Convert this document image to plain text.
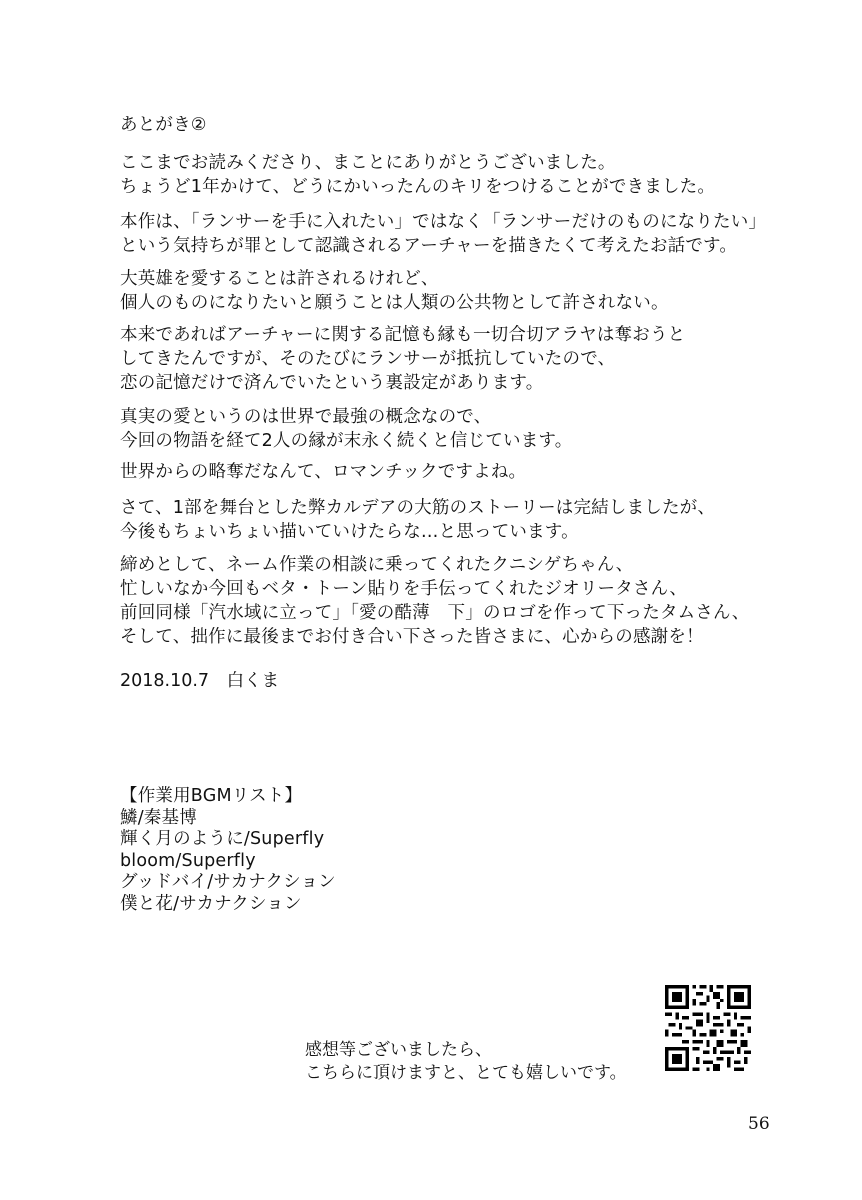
あとがき②
ここまでお読みくださり、まことにありがとうございました。
ちょうど1年かけて、どうにかいったんのキリをつけることができました。
本作は、「ランサーを手に入れたい」ではなく「ランサーだけのものになりたい」
という気持ちが罪として認識されるアーチャーを描きたくて考えたお話です。
大英雄を愛することは許されるけれど、
個人のものになりたいと願うことは人類の公共物として許されない。
本来であればアーチャーに関する記憶も縁も一切合切アラヤは奪おうと
してきたんですが、そのたびにランサーが抵抗していたので、
恋の記憶だけで済んでいたという裏設定があります。
真実の愛というのは世界で最強の概念なので、
今回の物語を経て2人の縁が末永く続くと信じています。
世界からの略奪だなんて、ロマンチックですよね。
さて、1部を舞台とした弊カルデアの大筋のストーリーは完結しましたが、
今後もちょいちょい描いていけたらな…と思っています。
締めとして、ネーム作業の相談に乗ってくれたクニシゲちゃん、
忙しいなか今回もベタ・トーン貼りを手伝ってくれたジオリータさん、
前回同様「汽水域に立って」「愛の酷薄　下」のロゴを作って下ったタムさん、
そして、拙作に最後までお付き合い下さった皆さまに、心からの感謝を！
2018.10.7　白くま
【作業用BGMリスト】
鱗/秦基博
輝く月のように/Superfly
bloom/Superfly
グッドバイ/サカナクション
僕と花/サカナクション
感想等ございましたら、
こちらに頂けますと、とても嬉しいです。
56
